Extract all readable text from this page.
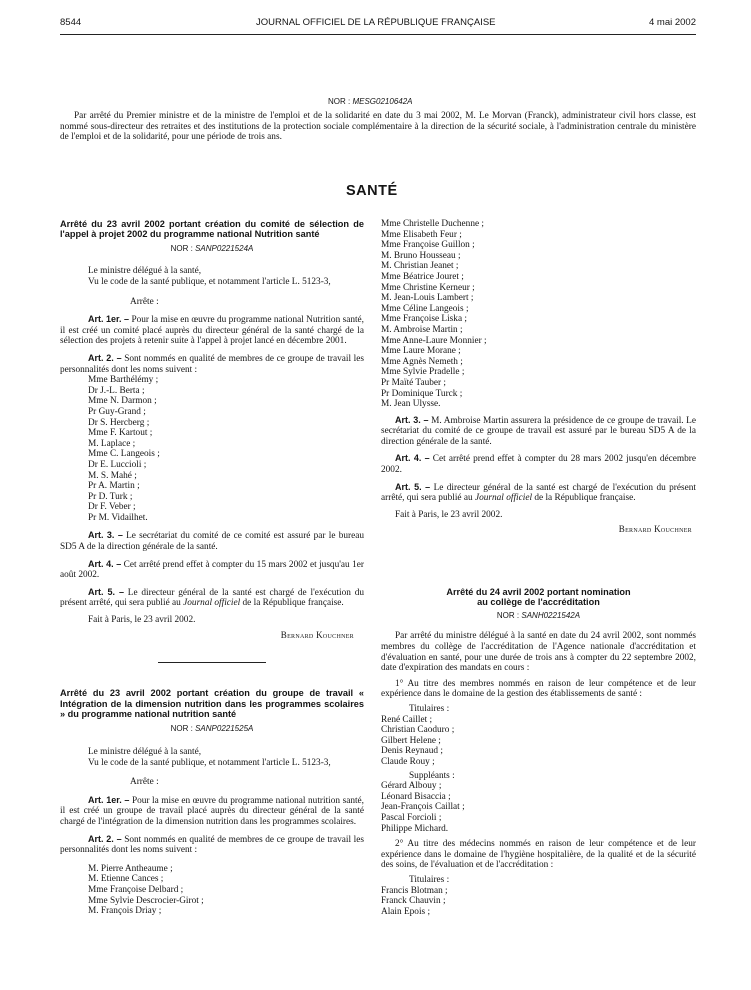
8544	JOURNAL OFFICIEL DE LA RÉPUBLIQUE FRANÇAISE	4 mai 2002
NOR : MESG0210642A
Par arrêté du Premier ministre et de la ministre de l'emploi et de la solidarité en date du 3 mai 2002, M. Le Morvan (Franck), administrateur civil hors classe, est nommé sous-directeur des retraites et des institutions de la protection sociale complémentaire à la direction de la sécurité sociale, à l'administration centrale du ministère de l'emploi et de la solidarité, pour une période de trois ans.
SANTÉ
Arrêté du 23 avril 2002 portant création du comité de sélection de l'appel à projet 2002 du programme national Nutrition santé
NOR : SANP0221524A
Le ministre délégué à la santé,
Vu le code de la santé publique, et notamment l'article L. 5123-3,
Arrête :
Art. 1er. – Pour la mise en œuvre du programme national Nutrition santé, il est créé un comité placé auprès du directeur général de la santé chargé de la sélection des projets à retenir suite à l'appel à projet lancé en décembre 2001.
Art. 2. – Sont nommés en qualité de membres de ce groupe de travail les personnalités dont les noms suivent :
Mme Barthélémy ;
Dr J.-L. Berta ;
Mme N. Darmon ;
Pr Guy-Grand ;
Dr S. Hercberg ;
Mme F. Kartout ;
M. Laplace ;
Mme C. Langeois ;
Dr E. Luccioli ;
M. S. Mahé ;
Pr A. Martin ;
Pr D. Turk ;
Dr F. Veber ;
Pr M. Vidailhet.
Art. 3. – Le secrétariat du comité de ce comité est assuré par le bureau SD5 A de la direction générale de la santé.
Art. 4. – Cet arrêté prend effet à compter du 15 mars 2002 et jusqu'au 1er août 2002.
Art. 5. – Le directeur général de la santé est chargé de l'exécution du présent arrêté, qui sera publié au Journal officiel de la République française.
Fait à Paris, le 23 avril 2002.
Bernard Kouchner
Arrêté du 23 avril 2002 portant création du groupe de travail « Intégration de la dimension nutrition dans les programmes scolaires » du programme national nutrition santé
NOR : SANP0221525A
Le ministre délégué à la santé,
Vu le code de la santé publique, et notamment l'article L. 5123-3,
Arrête :
Art. 1er. – Pour la mise en œuvre du programme national nutrition santé, il est créé un groupe de travail placé auprès du directeur général de la santé chargé de l'intégration de la dimension nutrition dans les programmes scolaires.
Art. 2. – Sont nommés en qualité de membres de ce groupe de travail les personnalités dont les noms suivent :
M. Pierre Antheaume ;
M. Etienne Cances ;
Mme Françoise Delbard ;
Mme Sylvie Descrocier-Girot ;
M. François Driay ;
Mme Christelle Duchenne ;
Mme Elisabeth Feur ;
Mme Françoise Guillon ;
M. Bruno Housseau ;
M. Christian Jeanet ;
Mme Béatrice Jouret ;
Mme Christine Kerneur ;
M. Jean-Louis Lambert ;
Mme Céline Langeois ;
Mme Françoise Liska ;
M. Ambroise Martin ;
Mme Anne-Laure Monnier ;
Mme Laure Morane ;
Mme Agnès Nemeth ;
Mme Sylvie Pradelle ;
Pr Maïté Tauber ;
Pr Dominique Turck ;
M. Jean Ulysse.
Art. 3. – M. Ambroise Martin assurera la présidence de ce groupe de travail. Le secrétariat du comité de ce groupe de travail est assuré par le bureau SD5 A de la direction générale de la santé.
Art. 4. – Cet arrêté prend effet à compter du 28 mars 2002 jusqu'en décembre 2002.
Art. 5. – Le directeur général de la santé est chargé de l'exécution du présent arrêté, qui sera publié au Journal officiel de la République française.
Fait à Paris, le 23 avril 2002.
Bernard Kouchner
Arrêté du 24 avril 2002 portant nomination
au collège de l'accréditation
NOR : SANH0221542A
Par arrêté du ministre délégué à la santé en date du 24 avril 2002, sont nommés membres du collège de l'accréditation de l'Agence nationale d'accréditation et d'évaluation en santé, pour une durée de trois ans à compter du 22 septembre 2002, date d'expiration des mandats en cours :
1° Au titre des membres nommés en raison de leur compétence et de leur expérience dans le domaine de la gestion des établissements de santé :
Titulaires :
René Caillet ;
Christian Caoduro ;
Gilbert Helene ;
Denis Reynaud ;
Claude Rouy ;
Suppléants :
Gérard Albouy ;
Léonard Bisaccia ;
Jean-François Caillat ;
Pascal Forcioli ;
Philippe Michard.
2° Au titre des médecins nommés en raison de leur compétence et de leur expérience dans le domaine de l'hygiène hospitalière, de la qualité et de la sécurité des soins, de l'évaluation et de l'accréditation :
Titulaires :
Francis Blotman ;
Franck Chauvin ;
Alain Epois ;
